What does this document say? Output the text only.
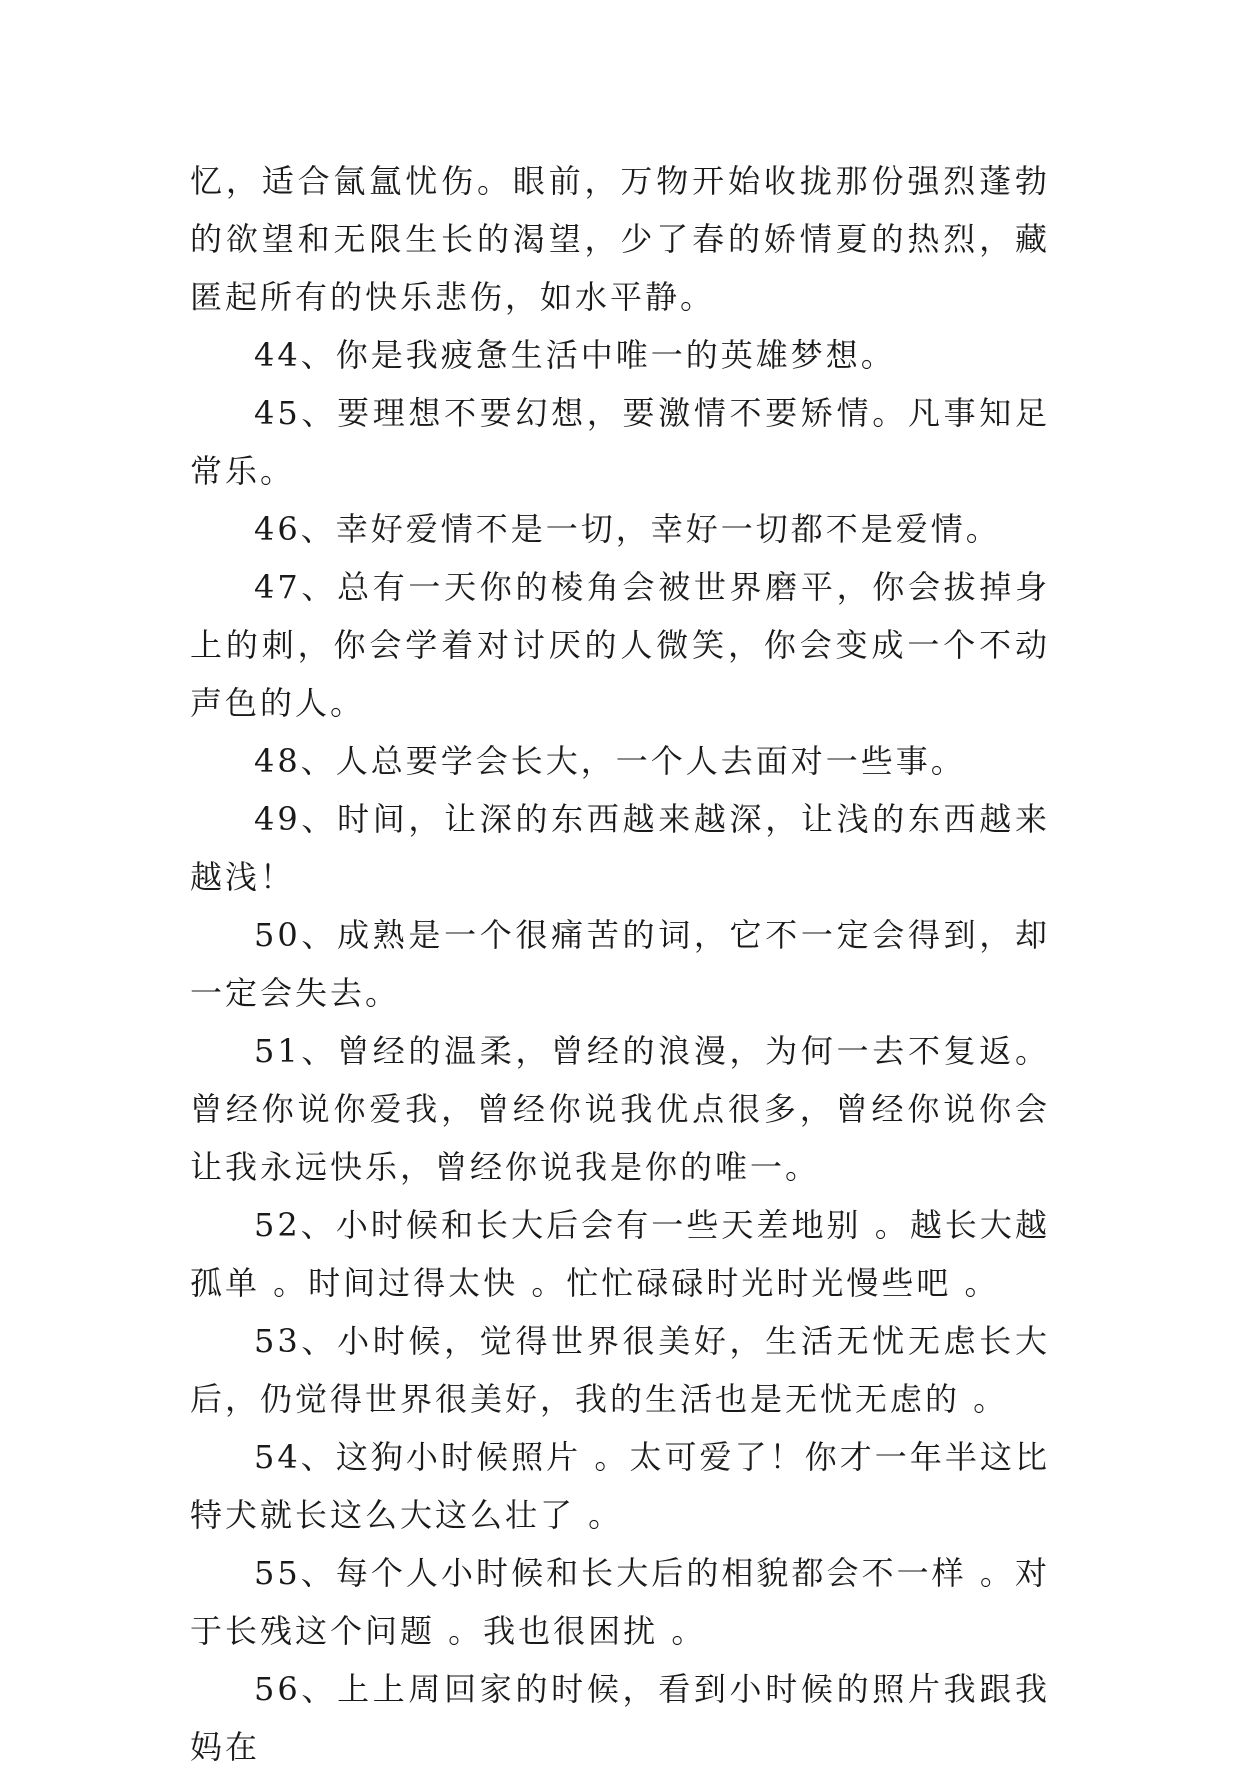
忆，适合氤氲忧伤。眼前，万物开始收拢那份强烈蓬勃的欲望和无限生长的渴望，少了春的娇情夏的热烈，藏匿起所有的快乐悲伤，如水平静。

44、你是我疲惫生活中唯一的英雄梦想。

45、要理想不要幻想，要激情不要矫情。凡事知足常乐。

46、幸好爱情不是一切，幸好一切都不是爱情。

47、总有一天你的棱角会被世界磨平，你会拔掉身上的刺，你会学着对讨厌的人微笑，你会变成一个不动声色的人。

48、人总要学会长大，一个人去面对一些事。

49、时间，让深的东西越来越深，让浅的东西越来越浅！

50、成熟是一个很痛苦的词，它不一定会得到，却一定会失去。

51、曾经的温柔，曾经的浪漫，为何一去不复返。曾经你说你爱我，曾经你说我优点很多，曾经你说你会让我永远快乐，曾经你说我是你的唯一。

52、小时候和长大后会有一些天差地别 。越长大越孤单 。时间过得太快 。忙忙碌碌时光时光慢些吧 。

53、小时候，觉得世界很美好，生活无忧无虑长大后，仍觉得世界很美好，我的生活也是无忧无虑的 。

54、这狗小时候照片 。太可爱了！你才一年半这比特犬就长这么大这么壮了 。

55、每个人小时候和长大后的相貌都会不一样 。对于长残这个问题 。我也很困扰 。

56、上上周回家的时候，看到小时候的照片我跟我妈在
